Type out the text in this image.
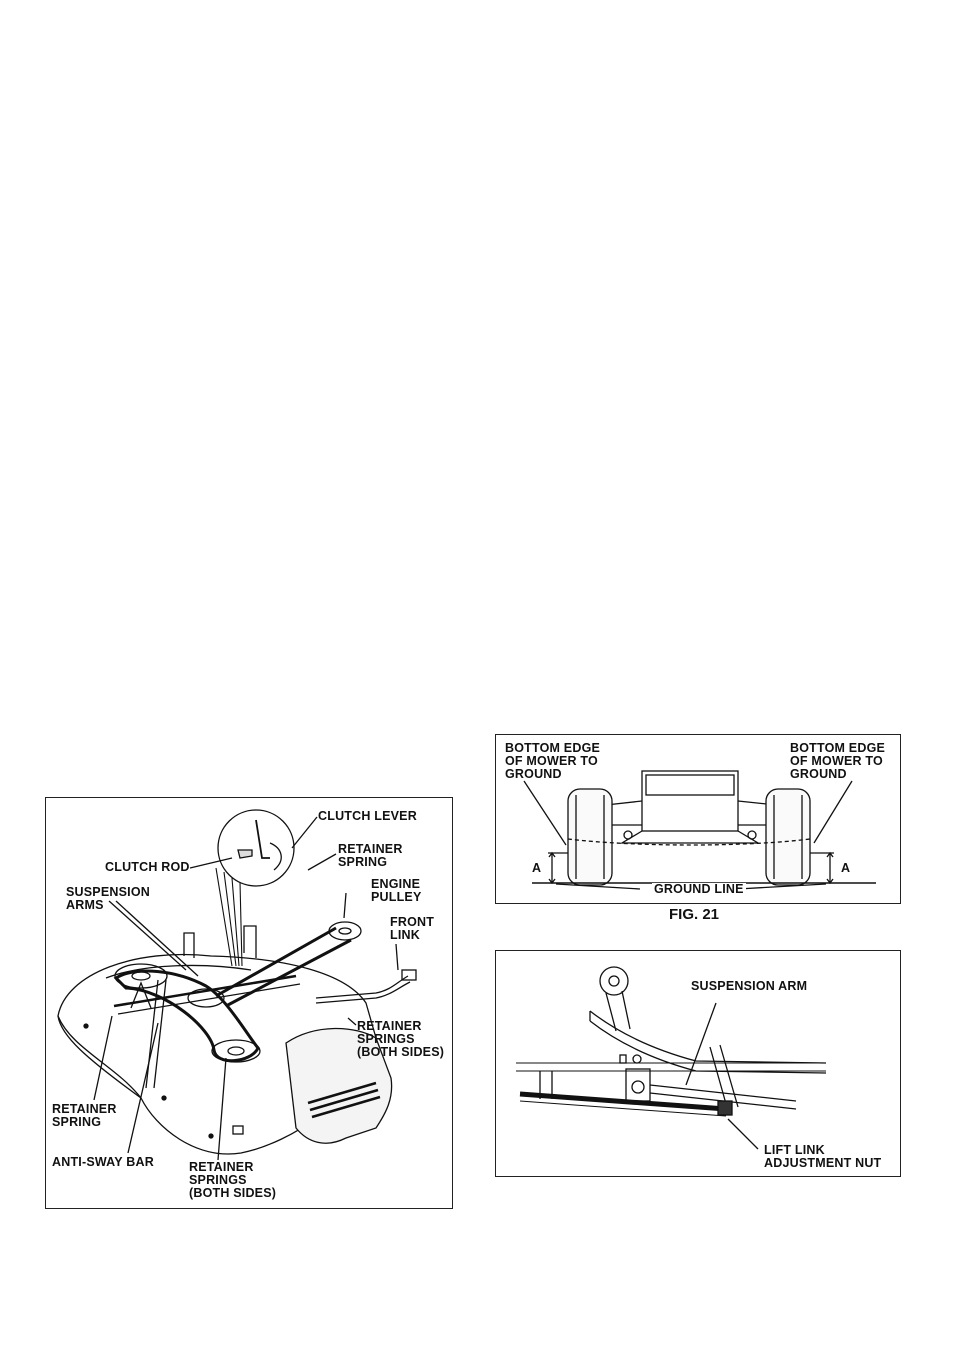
CLUTCH LEVER
RETAINER
SPRING
CLUTCH ROD
ENGINE
PULLEY
SUSPENSION
ARMS
FRONT
LINK
RETAINER
SPRINGS
(BOTH SIDES)
RETAINER
SPRING
ANTI-SWAY BAR	RETAINER
SPRINGS
(BOTH SIDES)
BOTTOM EDGE
OF MOWER TO
GROUND
BOTTOM EDGE
OF MOWER TO
GROUND
A	A
GROUND LINE
FIG. 21
SUSPENSION ARM
LIFT LINK
ADJUSTMENT NUT
